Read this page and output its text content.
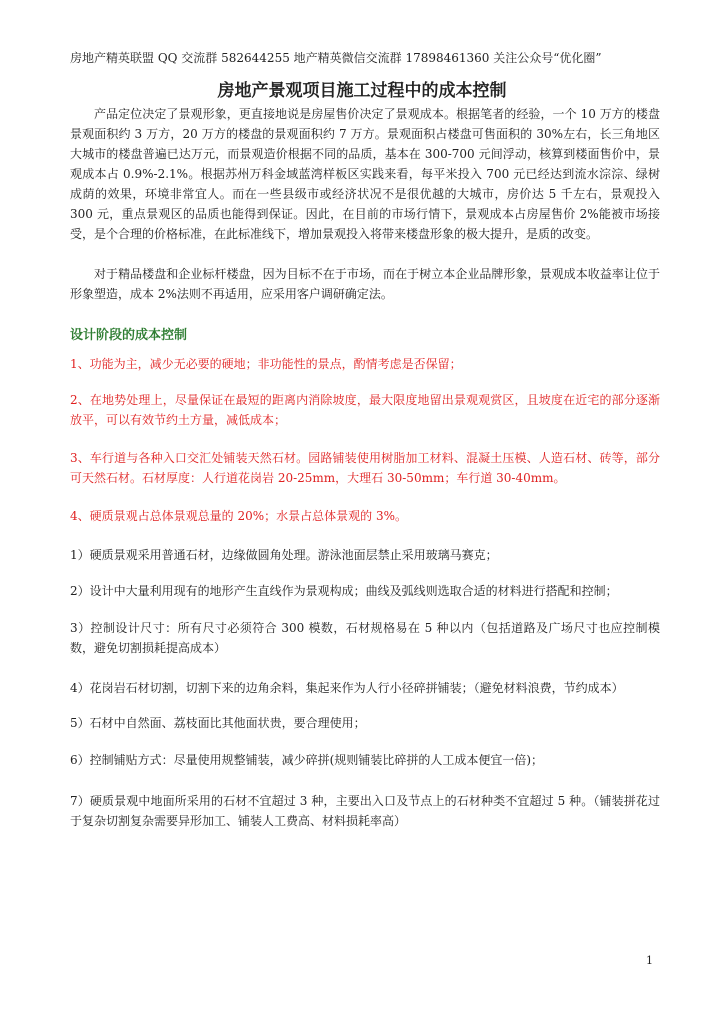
房地产精英联盟 QQ 交流群 582644255 地产精英微信交流群 17898461360 关注公众号“优化圈”
房地产景观项目施工过程中的成本控制
产品定位决定了景观形象，更直接地说是房屋售价决定了景观成本。根据笔者的经验，一个 10 万方的楼盘景观面积约 3 万方，20 万方的楼盘的景观面积约 7 万方。景观面积占楼盘可售面积的 30%左右，长三角地区大城市的楼盘普遍已达万元，而景观造价根据不同的品质，基本在 300-700 元间浮动，核算到楼面售价中，景观成本占 0.9%-2.1%。根据苏州万科金域蓝湾样板区实践来看，每平米投入 700 元已经达到流水淙淙、绿树成荫的效果，环境非常宜人。而在一些县级市或经济状况不是很优越的大城市，房价达 5 千左右，景观投入 300 元，重点景观区的品质也能得到保证。因此，在目前的市场行情下，景观成本占房屋售价 2%能被市场接受，是个合理的价格标准，在此标准线下，增加景观投入将带来楼盘形象的极大提升，是质的改变。
对于精品楼盘和企业标杆楼盘，因为目标不在于市场，而在于树立本企业品牌形象，景观成本收益率让位于形象塑造，成本 2%法则不再适用，应采用客户调研确定法。
设计阶段的成本控制
1、功能为主，减少无必要的硬地；非功能性的景点，酌情考虑是否保留；
2、在地势处理上，尽量保证在最短的距离内消除坡度，最大限度地留出景观观赏区，且坡度在近宅的部分逐渐放平，可以有效节约土方量，减低成本；
3、车行道与各种入口交汇处铺装天然石材。园路铺装使用树脂加工材料、混凝土压模、人造石材、砖等，部分可天然石材。石材厚度：人行道花岗岩 20-25mm，大理石 30-50mm；车行道 30-40mm。
4、硬质景观占总体景观总量的 20%；水景占总体景观的 3%。
1）硬质景观采用普通石材，边缘做圆角处理。游泳池面层禁止采用玻璃马赛克；
2）设计中大量利用现有的地形产生直线作为景观构成；曲线及弧线则选取合适的材料进行搭配和控制；
3）控制设计尺寸：所有尺寸必须符合 300 模数，石材规格易在 5 种以内（包括道路及广场尺寸也应控制模数，避免切割损耗提高成本）
4）花岗岩石材切割，切割下来的边角余料，集起来作为人行小径碎拼铺装；（避免材料浪费，节约成本）
5）石材中自然面、荔枝面比其他面状贵，要合理使用；
6）控制铺贴方式：尽量使用规整铺装，减少碎拼(规则铺装比碎拼的人工成本便宜一倍)；
7）硬质景观中地面所采用的石材不宜超过 3 种，主要出入口及节点上的石材种类不宜超过 5 种。（铺装拼花过于复杂切割复杂需要异形加工、铺装人工费高、材料损耗率高）
1
